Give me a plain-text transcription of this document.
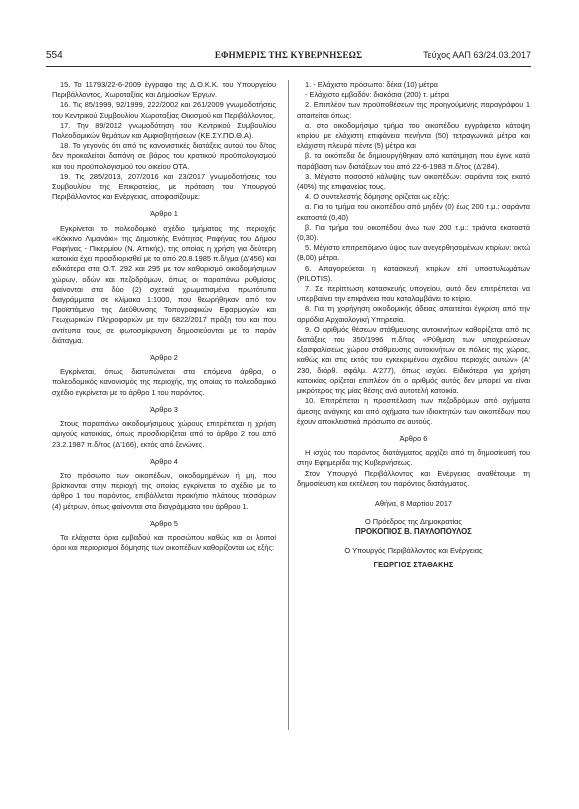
554	ΕΦΗΜΕΡΙΣ ΤΗΣ ΚΥΒΕΡΝΗΣΕΩΣ	Τεύχος ΑΑΠ 63/24.03.2017

15. Το 11793/22-6-2009 έγγραφο της Δ.Ο.Κ.Κ. του Υπουργείου Περιβάλλοντος, Χωροταξίας και Δημοσίων Έργων.

16. Τις 85/1999, 92/1999, 222/2002 και 261/2009 γνωμοδοτήσεις του Κεντρικού Συμβουλίου Χωροταξίας Οικισμού και Περιβάλλοντος.

17. Την 89/2012 γνωμοδότηση του Κεντρικού Συμβουλίου Πολεοδομικών θεμάτων και Αμφισβητήσεων (ΚΕ.ΣΥ.ΠΟ.Θ.Α).

18. Το γεγονός ότι από τις κανονιστικές διατάξεις αυτού του δ/τος δεν προκαλείται δαπάνη σε βάρος του κρατικού προϋπολογισμού και του προϋπολογισμού του οικείου ΟΤΑ.

19. Τις 285/2013, 207/2016 και 23/2017 γνωμοδοτήσεις του Συμβουλίου της Επικρατείας, με πρόταση του Υπουργού Περιβάλλοντος και Ενέργειας, αποφασίζουμε:

Άρθρο 1

Εγκρίνεται το πολεοδομικό σχέδιο τμήματος της περιοχής «Κόκκινο Λιμανάκι» της Δημοτικής Ενότητας Ραφήνας του Δήμου Ραφήνας - Πικερμίου (Ν. Αττικής), της οποίας η χρήση για δεύτερη κατοικία έχει προσδιορισθεί με το από 20.8.1985 π.δ/γμα (Δ'456) και ειδικότερα στα Ο.Τ. 292 και 295 με τον καθορισμό οικοδομήσιμων χώρων, οδών και πεζοδρόμων, όπως οι παραπάνω ρυθμίσεις φαίνονται στα δύο (2) σχετικά χρωματισμένα πρωτότυπα διαγράμματα σε κλίμακα 1:1000, που θεωρήθηκαν από τον Προϊστάμενο της Διεύθυνσης Τοπογραφικών Εφαρμογών και Γεωχωρικών Πληροφοριών με την 6822/2017 πράξη του και που αντίτυπα τους σε φωτοσμίκρυνση δημοσιεύονται με το παρόν διάταγμα.

Άρθρο 2

Εγκρίνεται, όπως διατυπώνεται στα επόμενα άρθρα, ο πολεοδομικός κανονισμός της περιοχής, της οποίας το πολεοδομικό σχέδιο εγκρίνεται με το άρθρο 1 του παρόντος.

Άρθρο 3

Στους παραπάνω οικοδομήσιμους χώρους επιτρέπεται η χρήση αμιγούς κατοικίας, όπως προσδιορίζεται από το άρθρο 2 του από 23.2.1987 π.δ/τος (Δ'166), εκτός από ξενώνες.

Άρθρο 4

Στο πρόσωπο των οικοπέδων, οικοδομημένων ή μη, που βρίσκονται στην περιοχή της οποίας εγκρίνεται το σχέδιο με το άρθρο 1 του παρόντος, επιβάλλεται προκήπιο πλάτους τεσσάρων (4) μέτρων, όπως φαίνονται στα διαγράμματα του άρθρου 1.

Άρθρο 5

Τα ελάχιστα όρια εμβαδού και προσώπου καθώς και οι λοιποί όροι και περιορισμοί δόμησης των οικοπέδων καθορίζονται ως εξής:

1. - Ελάχιστο πρόσωπο: δέκα (10) μέτρα

- Ελάχιστο εμβαδόν: διακόσια (200) τ. μέτρα

2. Επιπλέον των προϋποθέσεων της προηγούμενης παραγράφου 1 απαιτείται όπως:

α. στο οικοδομήσιμο τμήμα του οικοπέδου εγγράφεται κάτοψη κτιρίου με ελάχιστη επιφάνεια πενήντα (50) τετραγωνικά μέτρα και ελάχιστη πλευρά πέντε (5) μέτρα και

β. τα οικόπεδα δε δημιουργήθηκαν από κατάτμηση που έγινε κατά παράβαση των διατάξεων του από 22-6-1983 π.δ/τος (Δ'284).

3. Μέγιστο ποσοστό κάλυψης των οικοπέδων: σαράντα τοις εκατό (40%) της επιφανείας τους.

4. Ο συντελεστής δόμησης ορίζεται ως εξής:

α. Για το τμήμα του οικοπέδου από μηδέν (0) έως 200 τ.μ.: σαράντα εκατοστά (0,40)

β. Για τμήμα του οικοπέδου άνω των 200 τ.μ.: τριάντα εκατοστά (0,30).

5. Μέγιστο επιτρεπόμενο ύψος των ανεγερθησομένων κτιρίων: οκτώ (8,00) μέτρα.

6. Απαγορεύεται η κατασκευή κτιρίων επί υποστυλωμάτων (PILOTIS).

7. Σε περίπτωση κατασκευής υπογείου, αυτό δεν επιτρέπεται να υπερβαίνει την επιφάνεια που καταλαμβάνει το κτίριο.

8. Για τη χορήγηση οικοδομικής άδειας απαιτείται έγκριση από την αρμόδια Αρχαιολογική Υπηρεσία.

9. Ο αριθμός θέσεων στάθμευσης αυτοκινήτων καθορίζεται από τις διατάξεις του 350/1996 π.δ/τος «Ρύθμιση των υποχρεώσεων εξασφαλίσεως χώρου στάθμευσης αυτοκινήτων σε πόλεις της χώρας, καθώς και στις εκτός του εγκεκριμένου σχεδίου περιοχές αυτών» (Α' 230, διόρθ. σφάλμ. Α'277), όπως ισχύει. Ειδικότερα για χρήση κατοικίας ορίζεται επιπλέον ότι ο αριθμός αυτός δεν μπορεί να είναι μικρότερος της μίας θέσης ανά αυτοτελή κατοικία.

10. Επιτρέπεται η προσπέλαση των πεζοδρόμων από οχήματα άμεσης ανάγκης και από οχήματα των ιδιοκτητών των οικοπέδων που έχουν αποκλειστικά πρόσωπο σε αυτούς.

Άρθρο 6

Η ισχύς του παρόντος διατάγματος αρχίζει από τη δημοσίευσή του στην Εφημερίδα της Κυβερνήσεως.

Στον Υπουργό Περιβάλλοντος και Ενέργειας αναθέτουμε τη δημοσίευση και εκτέλεση του παρόντος διατάγματος.

Αθήνα, 8 Μαρτίου 2017
Ο Πρόεδρος της Δημοκρατίας
ΠΡΟΚΟΠΙΟΣ Β. ΠΑΥΛΟΠΟΥΛΟΣ
Ο Υπουργός Περιβάλλοντος και Ενέργειας
ΓΕΩΡΓΙΟΣ ΣΤΑΘΑΚΗΣ
